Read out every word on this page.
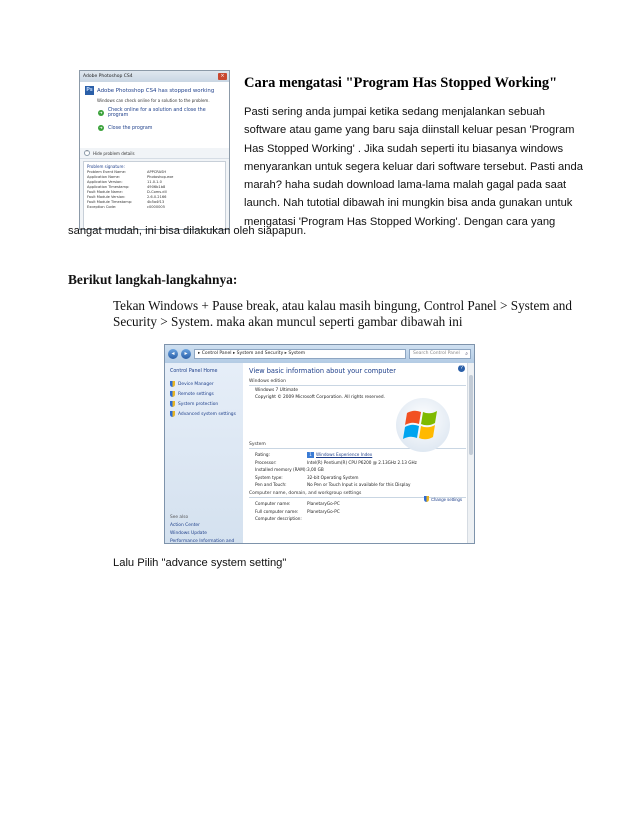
Adobe Photoshop CS4	×
Ps Adobe Photoshop CS4 has stopped working
Windows can check online for a solution to the problem.
➜ Check online for a solution and close the program
➜ Close the program
˄	Hide problem details
Problem signature:
Problem Event Name:	APPCRASH
Application Name:	Photoshop.exe
Application Version:	11.0.1.0
Application Timestamp:	4906b1b8
Fault Module Name:	D-Coms.dll
Fault Module Version:	2.6.0.2166
Fault Module Timestamp:	4b5a4f13
Exception Code:	c0000005
Cara mengatasi "Program Has Stopped Working"
Pasti sering anda jumpai ketika sedang menjalankan sebuah
software atau game yang baru saja diinstall keluar pesan 'Program
Has Stopped Working' . Jika sudah seperti itu biasanya windows
menyarankan untuk segera keluar dari software tersebut. Pasti anda
marah? haha sudah download lama-lama malah gagal pada saat
launch. Nah tutotial dibawah ini mungkin bisa anda gunakan untuk
mengatasi 'Program Has Stopped Working'. Dengan cara yang
sangat mudah, ini bisa dilakukan oleh siapapun.
Berikut langkah-langkahnya:
Tekan Windows + Pause break, atau kalau masih bingung, Control Panel > System and
Security > System. maka akan muncul seperti gambar dibawah ini
◂	▸	▸ Control Panel ▸ System and Security ▸ System	Search Control Panel ⌕
Control Panel Home
Device Manager
Remote settings
System protection
Advanced system settings
See also
Action Center
Windows Update
Performance Information and
?
View basic information about your computer
Windows edition
Windows 7 Ultimate
Copyright © 2009 Microsoft Corporation. All rights reserved.
System
Rating:	1 Windows Experience Index
Processor:	Intel(R) Pentium(R) CPU P6200 @ 2.13GHz 2.13 GHz
Installed memory (RAM): 3,00 GB
System type:	32-bit Operating System
Pen and Touch:	No Pen or Touch Input is available for this Display
Computer name, domain, and workgroup settings
Computer name:	PlanetaryGo-PC
Full computer name:	PlanetaryGo-PC
Computer description:
Change settings
Lalu Pilih "advance system setting"
